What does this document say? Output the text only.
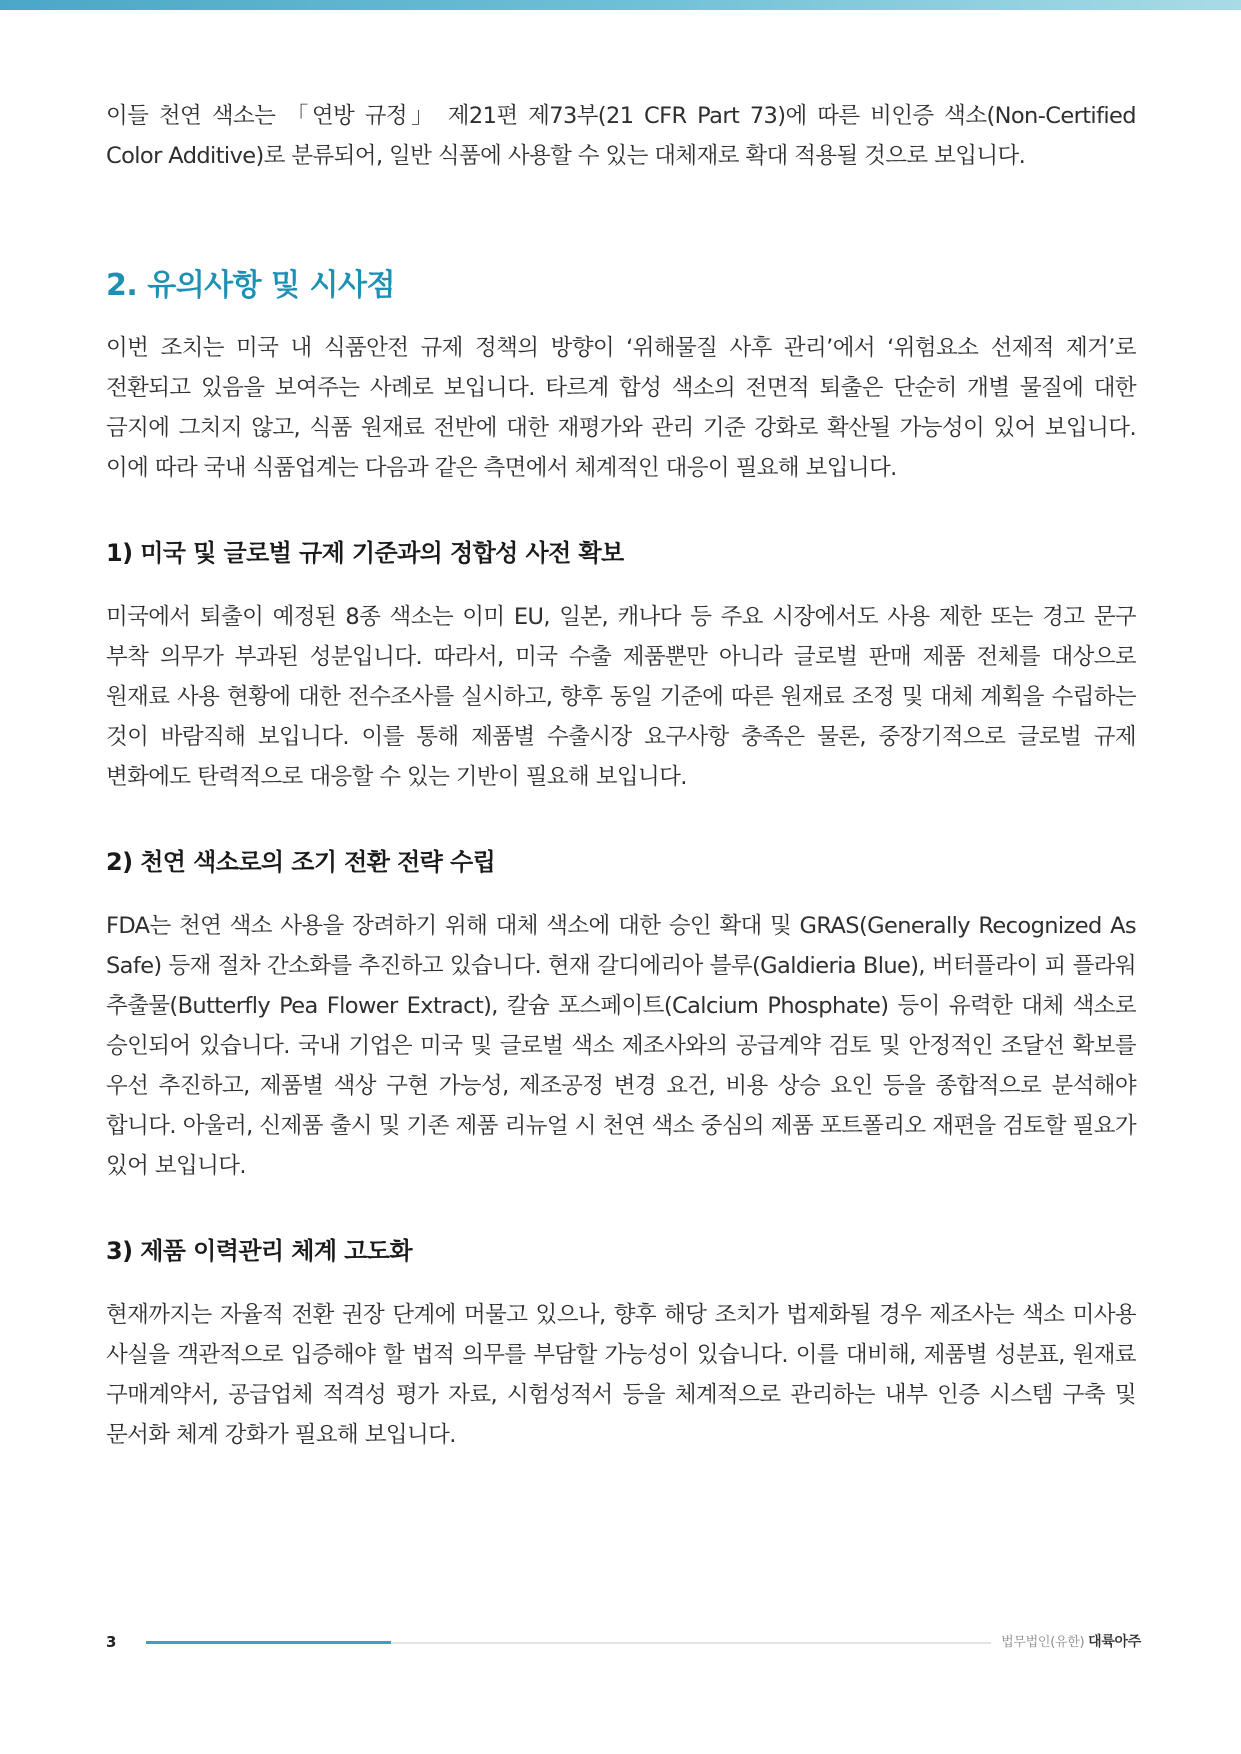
이들 천연 색소는 「연방 규정」 제21편 제73부(21 CFR Part 73)에 따른 비인증 색소(Non-Certified Color Additive)로 분류되어, 일반 식품에 사용할 수 있는 대체재로 확대 적용될 것으로 보입니다.

2. 유의사항 및 시사점

이번 조치는 미국 내 식품안전 규제 정책의 방향이 ‘위해물질 사후 관리’에서 ‘위험요소 선제적 제거’로 전환되고 있음을 보여주는 사례로 보입니다. 타르계 합성 색소의 전면적 퇴출은 단순히 개별 물질에 대한 금지에 그치지 않고, 식품 원재료 전반에 대한 재평가와 관리 기준 강화로 확산될 가능성이 있어 보입니다. 이에 따라 국내 식품업계는 다음과 같은 측면에서 체계적인 대응이 필요해 보입니다.

1) 미국 및 글로벌 규제 기준과의 정합성 사전 확보

미국에서 퇴출이 예정된 8종 색소는 이미 EU, 일본, 캐나다 등 주요 시장에서도 사용 제한 또는 경고 문구 부착 의무가 부과된 성분입니다. 따라서, 미국 수출 제품뿐만 아니라 글로벌 판매 제품 전체를 대상으로 원재료 사용 현황에 대한 전수조사를 실시하고, 향후 동일 기준에 따른 원재료 조정 및 대체 계획을 수립하는 것이 바람직해 보입니다. 이를 통해 제품별 수출시장 요구사항 충족은 물론, 중장기적으로 글로벌 규제 변화에도 탄력적으로 대응할 수 있는 기반이 필요해 보입니다.

2) 천연 색소로의 조기 전환 전략 수립

FDA는 천연 색소 사용을 장려하기 위해 대체 색소에 대한 승인 확대 및 GRAS(Generally Recognized As Safe) 등재 절차 간소화를 추진하고 있습니다. 현재 갈디에리아 블루(Galdieria Blue), 버터플라이 피 플라워 추출물(Butterfly Pea Flower Extract), 칼슘 포스페이트(Calcium Phosphate) 등이 유력한 대체 색소로 승인되어 있습니다. 국내 기업은 미국 및 글로벌 색소 제조사와의 공급계약 검토 및 안정적인 조달선 확보를 우선 추진하고, 제품별 색상 구현 가능성, 제조공정 변경 요건, 비용 상승 요인 등을 종합적으로 분석해야 합니다. 아울러, 신제품 출시 및 기존 제품 리뉴얼 시 천연 색소 중심의 제품 포트폴리오 재편을 검토할 필요가 있어 보입니다.

3) 제품 이력관리 체계 고도화

현재까지는 자율적 전환 권장 단계에 머물고 있으나, 향후 해당 조치가 법제화될 경우 제조사는 색소 미사용 사실을 객관적으로 입증해야 할 법적 의무를 부담할 가능성이 있습니다. 이를 대비해, 제품별 성분표, 원재료 구매계약서, 공급업체 적격성 평가 자료, 시험성적서 등을 체계적으로 관리하는 내부 인증 시스템 구축 및 문서화 체계 강화가 필요해 보입니다.

3	법무법인(유한) 대륙아주
